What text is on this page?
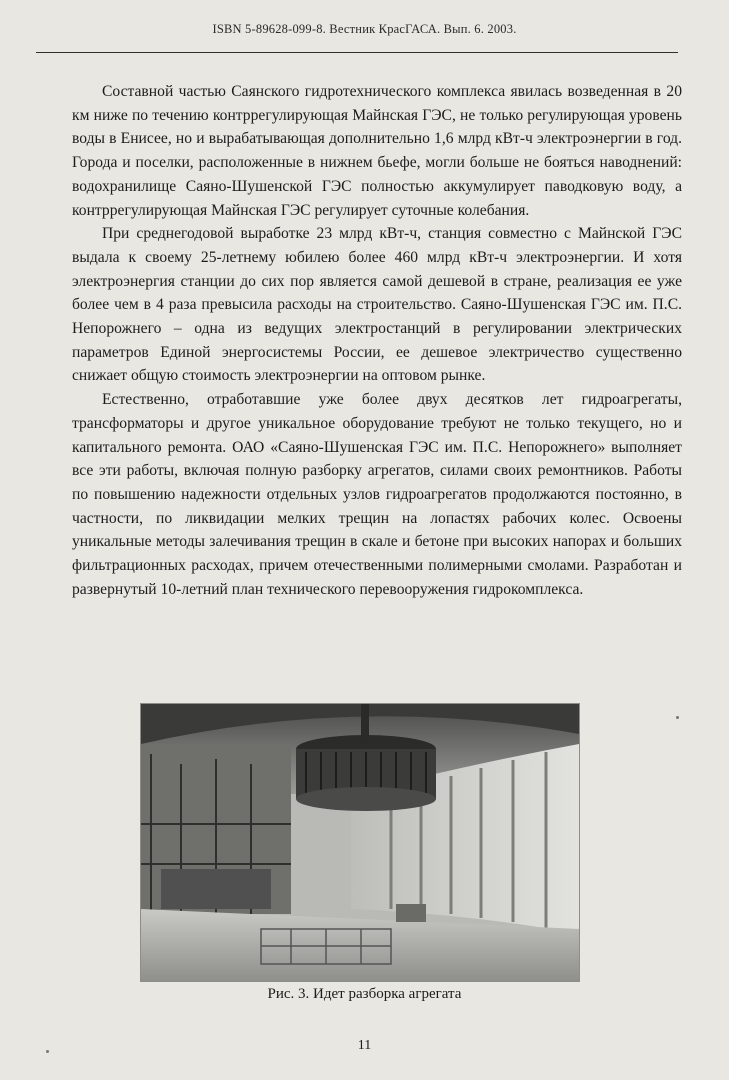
ISBN 5-89628-099-8. Вестник КрасГАСА. Вып. 6. 2003.

Составной частью Саянского гидротехнического комплекса явилась возведенная в 20 км ниже по течению контррегулирующая Майнская ГЭС, не только регулирующая уровень воды в Енисее, но и вырабатывающая дополнительно 1,6 млрд кВт-ч электроэнергии в год. Города и поселки, расположенные в нижнем бьефе, могли больше не бояться наводнений: водохранилище Саяно-Шушенской ГЭС полностью аккумулирует паводковую воду, а контррегулирующая Майнская ГЭС регулирует суточные колебания.

При среднегодовой выработке 23 млрд кВт-ч, станция совместно с Майнской ГЭС выдала к своему 25-летнему юбилею более 460 млрд кВт-ч электроэнергии. И хотя электроэнергия станции до сих пор является самой дешевой в стране, реализация ее уже более чем в 4 раза превысила расходы на строительство. Саяно-Шушенская ГЭС им. П.С. Непорожнего – одна из ведущих электростанций в регулировании электрических параметров Единой энергосистемы России, ее дешевое электричество существенно снижает общую стоимость электроэнергии на оптовом рынке.

Естественно, отработавшие уже более двух десятков лет гидроагрегаты, трансформаторы и другое уникальное оборудование требуют не только текущего, но и капитального ремонта. ОАО «Саяно-Шушенская ГЭС им. П.С. Непорожнего» выполняет все эти работы, включая полную разборку агрегатов, силами своих ремонтников. Работы по повышению надежности отдельных узлов гидроагрегатов продолжаются постоянно, в частности, по ликвидации мелких трещин на лопастях рабочих колес. Освоены уникальные методы залечивания трещин в скале и бетоне при высоких напорах и больших фильтрационных расходах, причем отечественными полимерными смолами. Разработан и развернутый 10-летний план технического перевооружения гидрокомплекса.

Рис. 3. Идет разборка агрегата
11
